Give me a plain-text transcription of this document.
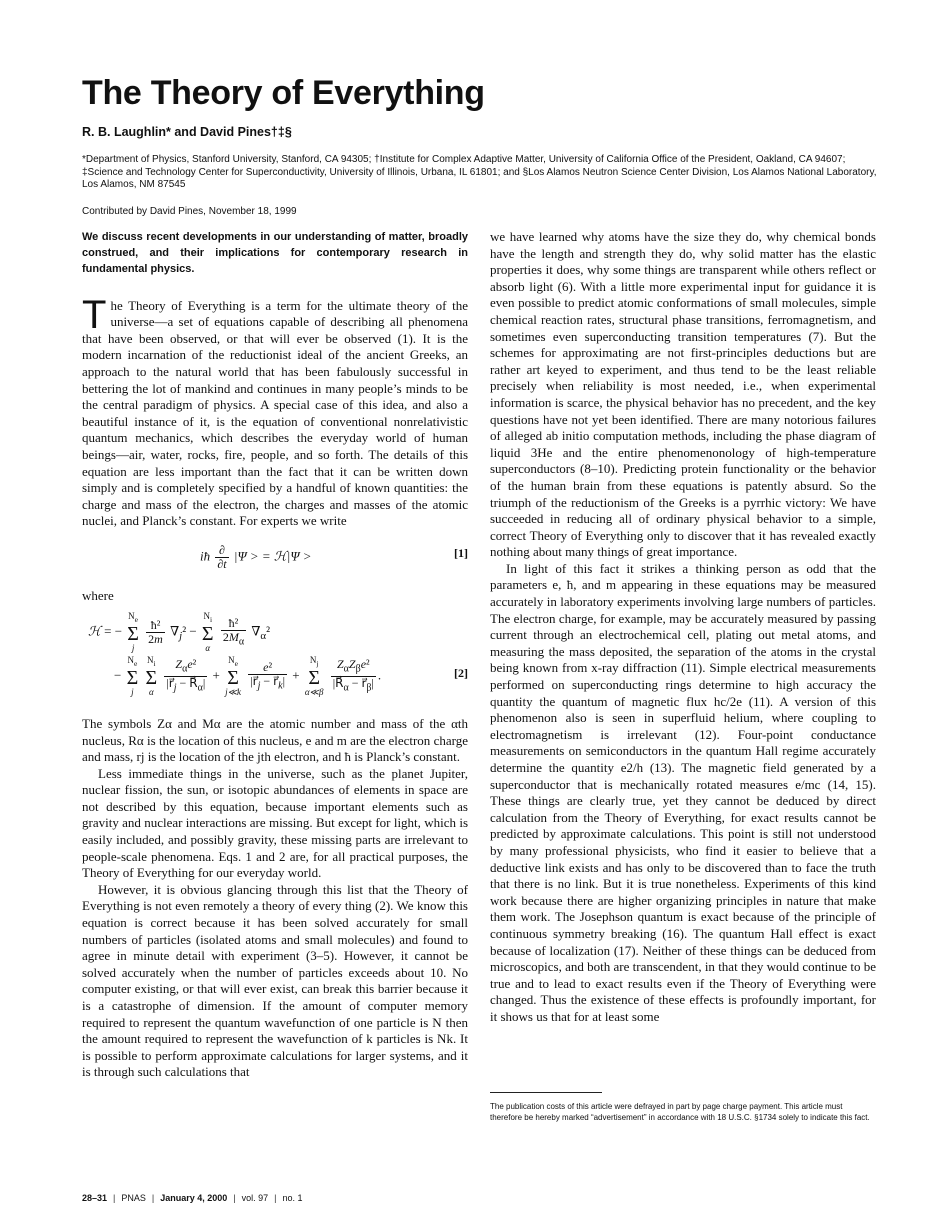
The Theory of Everything
R. B. Laughlin* and David Pines†‡§
*Department of Physics, Stanford University, Stanford, CA 94305; †Institute for Complex Adaptive Matter, University of California Office of the President, Oakland, CA 94607; ‡Science and Technology Center for Superconductivity, University of Illinois, Urbana, IL 61801; and §Los Alamos Neutron Science Center Division, Los Alamos National Laboratory, Los Alamos, NM 87545
Contributed by David Pines, November 18, 1999

We discuss recent developments in our understanding of matter, broadly construed, and their implications for contemporary research in fundamental physics.

The Theory of Everything is a term for the ultimate theory of the universe—a set of equations capable of describing all phenomena that have been observed, or that will ever be observed (1). It is the modern incarnation of the reductionist ideal of the ancient Greeks, an approach to the natural world that has been fabulously successful in bettering the lot of mankind and continues in many people’s minds to be the central paradigm of physics. A special case of this idea, and also a beautiful instance of it, is the equation of conventional nonrelativistic quantum mechanics, which describes the everyday world of human beings—air, water, rocks, fire, people, and so forth. The details of this equation are less important than the fact that it can be written down simply and is completely specified by a handful of known quantities: the charge and mass of the electron, the charges and masses of the atomic nuclei, and Planck’s constant. For experts we write

iħ $\frac{\partial}{\partial t} |\Psi$ > = ℋ|Ψ >	[1]
where
ℋ = − $N_e$
Σ
j
$\frac{\text{ħ²}}{2m} \nabla_j^2 - N_i$
Σ
α $\frac{\text{ħ²}}{2M_\alpha} \nabla_\alpha^2$
− $N_e$
Σ
j $N_i$
Σ
α $\frac{Z_\alpha e^2}{|r⃗_j - R⃗_\alpha|} + N_e$
Σ
j≪k $\frac{\text{e²}}{|r⃗_j - r⃗_k|} + N_j$
Σ
α≪β $\frac{Z_\alpha Z_\beta e^2}{|R⃗_\alpha - r⃗_\beta|}$ .	[2]

The symbols Zα and Mα are the atomic number and mass of the αth nucleus, Rα is the location of this nucleus, e and m are the electron charge and mass, rj is the location of the jth electron, and ħ is Planck’s constant.

Less immediate things in the universe, such as the planet Jupiter, nuclear fission, the sun, or isotopic abundances of elements in space are not described by this equation, because important elements such as gravity and nuclear interactions are missing. But except for light, which is easily included, and possibly gravity, these missing parts are irrelevant to people-scale phenomena. Eqs. 1 and 2 are, for all practical purposes, the Theory of Everything for our everyday world.

However, it is obvious glancing through this list that the Theory of Everything is not even remotely a theory of every thing (2). We know this equation is correct because it has been solved accurately for small numbers of particles (isolated atoms and small molecules) and found to agree in minute detail with experiment (3–5). However, it cannot be solved accurately when the number of particles exceeds about 10. No computer existing, or that will ever exist, can break this barrier because it is a catastrophe of dimension. If the amount of computer memory required to represent the quantum wavefunction of one particle is N then the amount required to represent the wavefunction of k particles is Nk. It is possible to perform approximate calculations for larger systems, and it is through such calculations that

we have learned why atoms have the size they do, why chemical bonds have the length and strength they do, why solid matter has the elastic properties it does, why some things are transparent while others reflect or absorb light (6). With a little more experimental input for guidance it is even possible to predict atomic conformations of small molecules, simple chemical reaction rates, structural phase transitions, ferromagnetism, and sometimes even superconducting transition temperatures (7). But the schemes for approximating are not first-principles deductions but are rather art keyed to experiment, and thus tend to be the least reliable precisely when reliability is most needed, i.e., when experimental information is scarce, the physical behavior has no precedent, and the key questions have not yet been identified. There are many notorious failures of alleged ab initio computation methods, including the phase diagram of liquid 3He and the entire phenomenonology of high-temperature superconductors (8–10). Predicting protein functionality or the behavior of the human brain from these equations is patently absurd. So the triumph of the reductionism of the Greeks is a pyrrhic victory: We have succeeded in reducing all of ordinary physical behavior to a simple, correct Theory of Everything only to discover that it has revealed exactly nothing about many things of great importance.

In light of this fact it strikes a thinking person as odd that the parameters e, ħ, and m appearing in these equations may be measured accurately in laboratory experiments involving large numbers of particles. The electron charge, for example, may be accurately measured by passing current through an electrochemical cell, plating out metal atoms, and measuring the mass deposited, the separation of the atoms in the crystal being known from x-ray diffraction (11). Simple electrical measurements performed on superconducting rings determine to high accuracy the quantity the quantum of magnetic flux hc/2e (11). A version of this phenomenon also is seen in superfluid helium, where coupling to electromagnetism is irrelevant (12). Four-point conductance measurements on semiconductors in the quantum Hall regime accurately determine the quantity e2/h (13). The magnetic field generated by a superconductor that is mechanically rotated measures e/mc (14, 15). These things are clearly true, yet they cannot be deduced by direct calculation from the Theory of Everything, for exact results cannot be predicted by approximate calculations. This point is still not understood by many professional physicists, who find it easier to believe that a deductive link exists and has only to be discovered than to face the truth that there is no link. But it is true nonetheless. Experiments of this kind work because there are higher organizing principles in nature that make them work. The Josephson quantum is exact because of the principle of continuous symmetry breaking (16). The quantum Hall effect is exact because of localization (17). Neither of these things can be deduced from microscopics, and both are transcendent, in that they would continue to be true and to lead to exact results even if the Theory of Everything were changed. Thus the existence of these effects is profoundly important, for it shows us that for at least some

The publication costs of this article were defrayed in part by page charge payment. This article must therefore be hereby marked “advertisement” in accordance with 18 U.S.C. §1734 solely to indicate this fact.
28–31 | PNAS | January 4, 2000 | vol. 97 | no. 1
